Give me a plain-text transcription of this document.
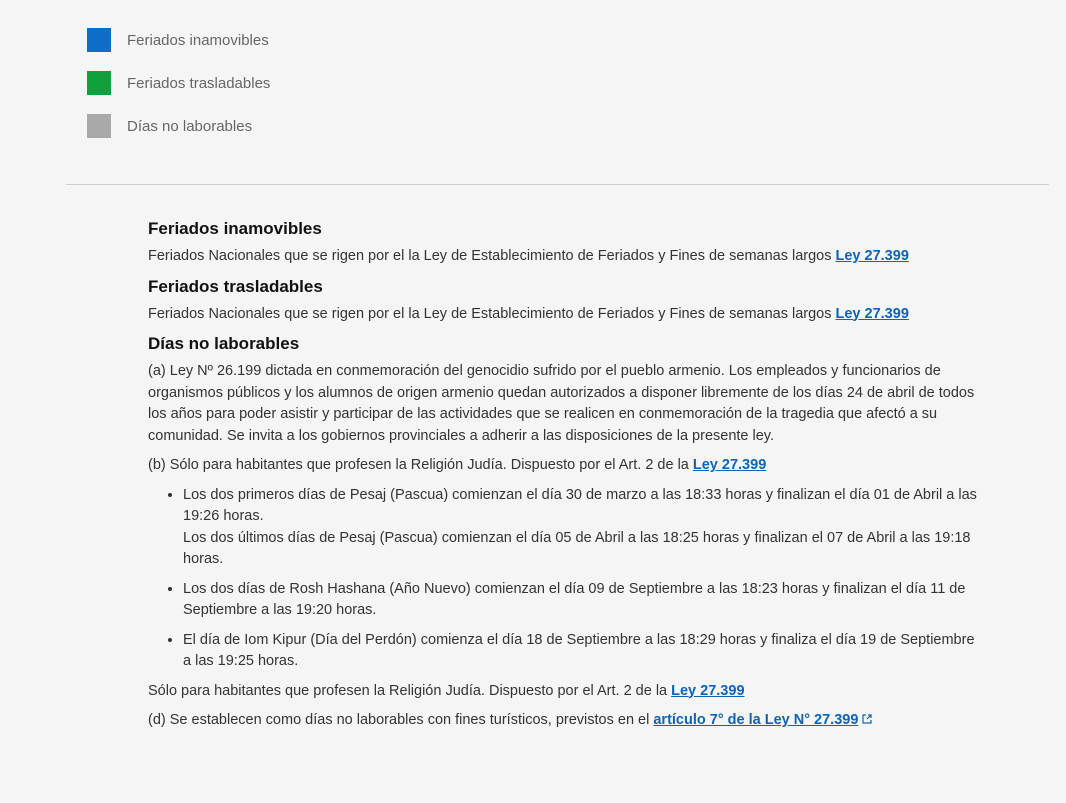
Feriados inamovibles
Feriados trasladables
Días no laborables
Feriados inamovibles

Feriados Nacionales que se rigen por el la Ley de Establecimiento de Feriados y Fines de semanas largos Ley 27.399

Feriados trasladables

Feriados Nacionales que se rigen por el la Ley de Establecimiento de Feriados y Fines de semanas largos Ley 27.399

Días no laborables

(a) Ley Nº 26.199 dictada en conmemoración del genocidio sufrido por el pueblo armenio. Los empleados y funcionarios de organismos públicos y los alumnos de origen armenio quedan autorizados a disponer libremente de los días 24 de abril de todos los años para poder asistir y participar de las actividades que se realicen en conmemoración de la tragedia que afectó a su comunidad. Se invita a los gobiernos provinciales a adherir a las disposiciones de la presente ley.

(b) Sólo para habitantes que profesen la Religión Judía. Dispuesto por el Art. 2 de la Ley 27.399

• Los dos primeros días de Pesaj (Pascua) comienzan el día 30 de marzo a las 18:33 horas y finalizan el día 01 de Abril a las 19:26 horas.
Los dos últimos días de Pesaj (Pascua) comienzan el día 05 de Abril a las 18:25 horas y finalizan el 07 de Abril a las 19:18 horas.
• Los dos días de Rosh Hashana (Año Nuevo) comienzan el día 09 de Septiembre a las 18:23 horas y finalizan el día 11 de Septiembre a las 19:20 horas.
• El día de Iom Kipur (Día del Perdón) comienza el día 18 de Septiembre a las 18:29 horas y finaliza el día 19 de Septiembre a las 19:25 horas.

Sólo para habitantes que profesen la Religión Judía. Dispuesto por el Art. 2 de la Ley 27.399

(d) Se establecen como días no laborables con fines turísticos, previstos en el artículo 7° de la Ley N° 27.399
